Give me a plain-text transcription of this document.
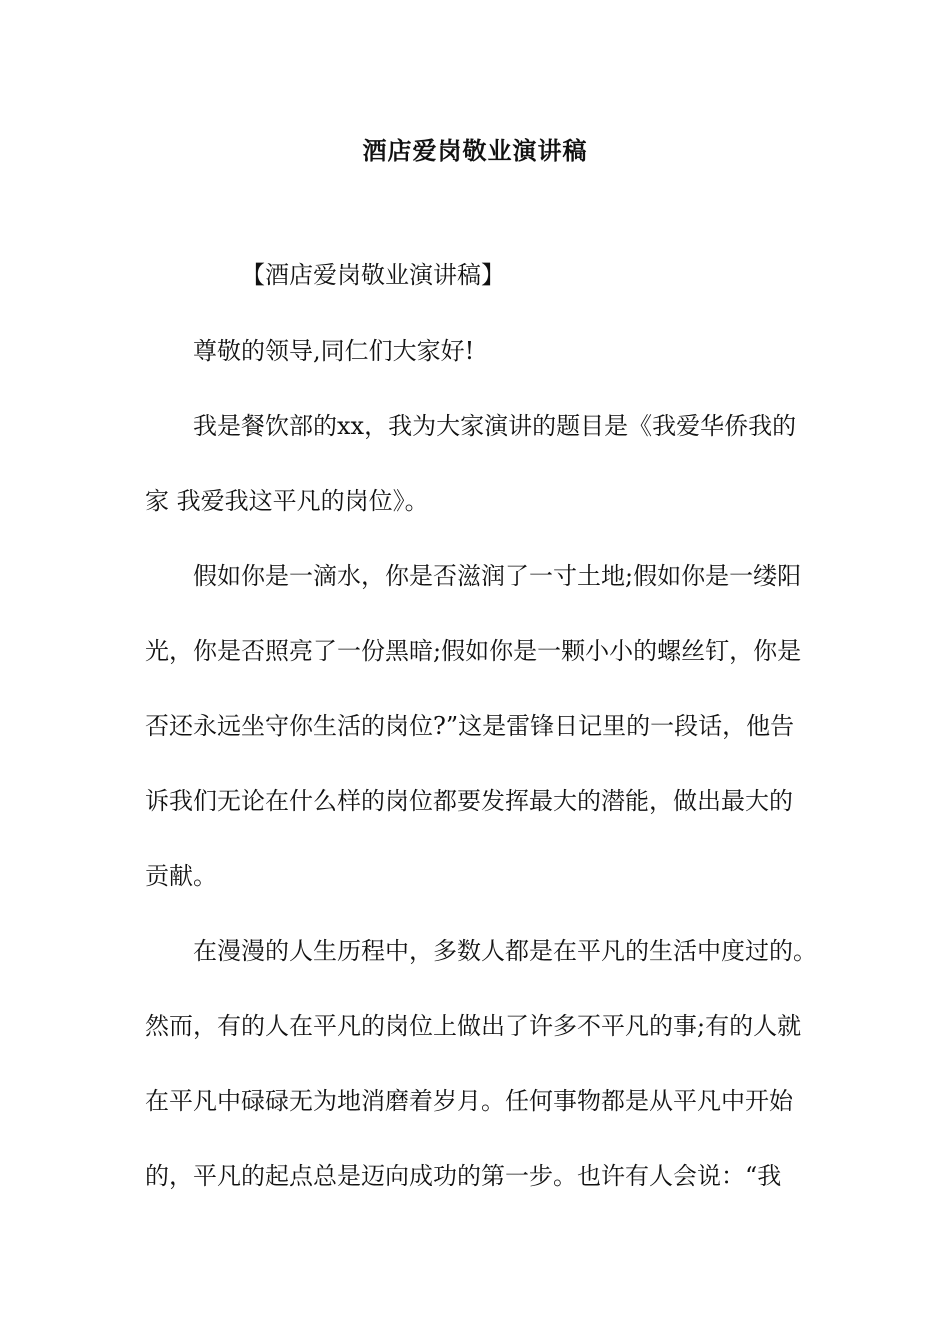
酒店爱岗敬业演讲稿

【酒店爱岗敬业演讲稿】

尊敬的领导,同仁们大家好!

我是餐饮部的xx，我为大家演讲的题目是《我爱华侨我的

家 我爱我这平凡的岗位》。

假如你是一滴水，你是否滋润了一寸土地;假如你是一缕阳

光，你是否照亮了一份黑暗;假如你是一颗小小的螺丝钉，你是

否还永远坐守你生活的岗位?”这是雷锋日记里的一段话，他告

诉我们无论在什么样的岗位都要发挥最大的潜能，做出最大的

贡献。

在漫漫的人生历程中，多数人都是在平凡的生活中度过的。

然而，有的人在平凡的岗位上做出了许多不平凡的事;有的人就

在平凡中碌碌无为地消磨着岁月。任何事物都是从平凡中开始

的，平凡的起点总是迈向成功的第一步。也许有人会说：“我
